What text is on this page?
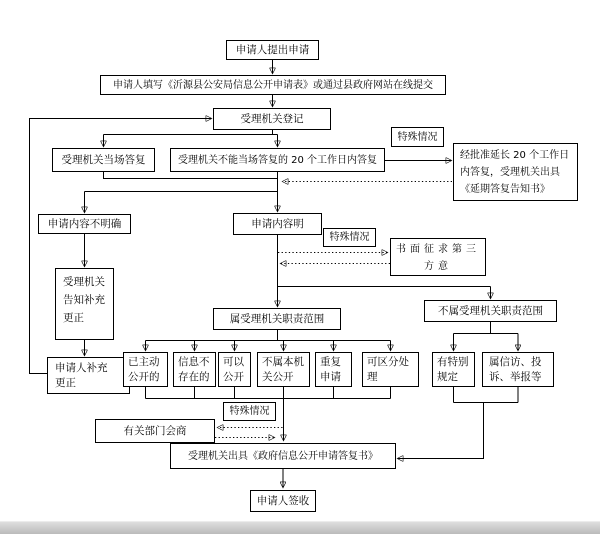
申请人提出申请
申请人填写《沂源县公安局信息公开申请表》或通过县政府网站在线提交
受理机关登记
受理机关当场答复	受理机关不能当场答复的 20 个工作日内答复
特殊情况
经批准延长 20 个工作日内答复，受理机关出具《延期答复告知书》
申请内容不明确	申请内容明
特殊情况
书面征求第三方意
受理机关告知补充更正
申请人补充更正
属受理机关职责范围
不属受理机关职责范围
已主动公开的
信息不存在的
可以公开
不属本机关公开
重复申请
可区分处理
有特别规定
属信访、投诉、举报等
特殊情况
有关部门会商
受理机关出具《政府信息公开申请答复书》
申请人签收
